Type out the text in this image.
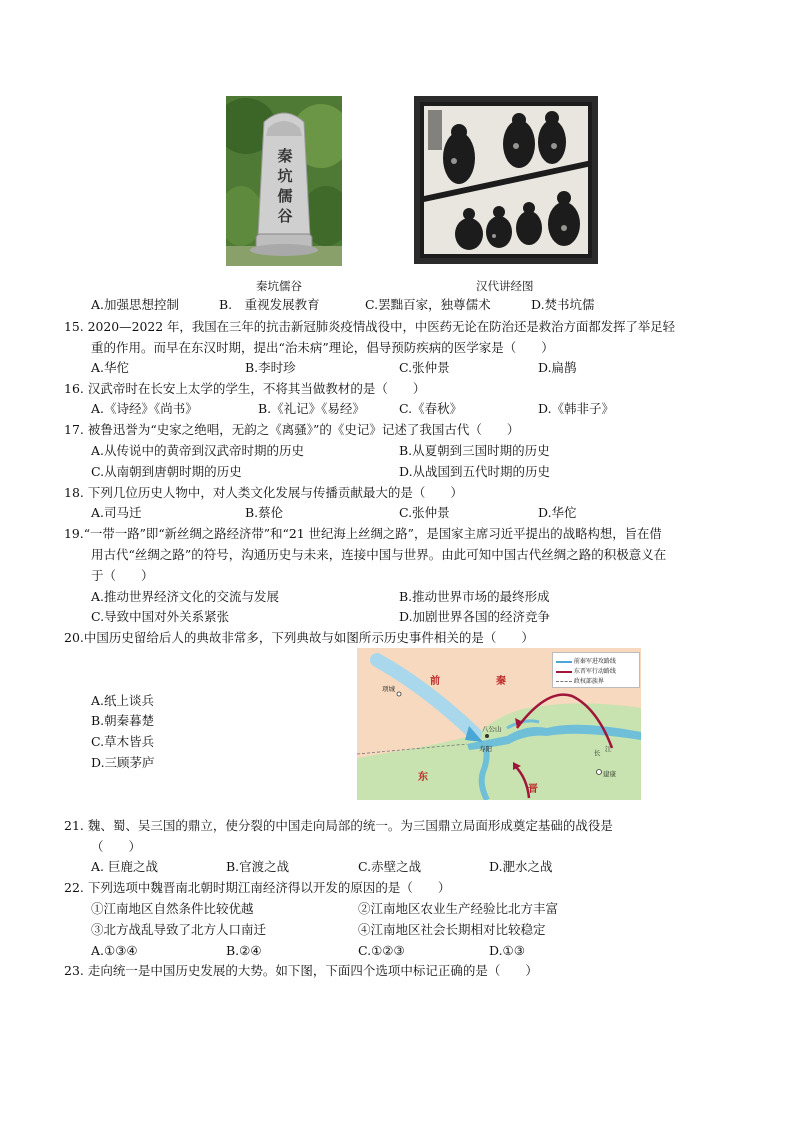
秦坑儒谷
秦坑儒谷	汉代讲经图
A.加强思想控制	B.　重视发展教育	C.罢黜百家，独尊儒术	D.焚书坑儒
15. 2020—2022 年，我国在三年的抗击新冠肺炎疫情战役中，中医药无论在防治还是救治方面都发挥了举足轻
重的作用。而早在东汉时期，提出“治未病”理论，倡导预防疾病的医学家是（　　）
A.华佗	B.李时珍	C.张仲景	D.扁鹊
16. 汉武帝时在长安上太学的学生，不将其当做教材的是（　　）
A.《诗经》《尚书》	B.《礼记》《易经》	C.《春秋》	D.《韩非子》
17. 被鲁迅誉为“史家之绝唱，无韵之《离骚》”的《史记》记述了我国古代（　　）
A.从传说中的黄帝到汉武帝时期的历史	B.从夏朝到三国时期的历史
C.从南朝到唐朝时期的历史	D.从战国到五代时期的历史
18. 下列几位历史人物中，对人类文化发展与传播贡献最大的是（　　）
A.司马迁	B.蔡伦	C.张仲景	D.华佗
19.“一带一路”即“新丝绸之路经济带”和“21 世纪海上丝绸之路”，是国家主席习近平提出的战略构想，旨在借
用古代“丝绸之路”的符号，沟通历史与未来，连接中国与世界。由此可知中国古代丝绸之路的积极意义在
于（　　）
A.推动世界经济文化的交流与发展	B.推动世界市场的最终形成
C.导致中国对外关系紧张	D.加剧世界各国的经济竞争
20.中国历史留给后人的典故非常多，下列典故与如图所示历史事件相关的是（　　）
A.纸上谈兵
B.朝秦暮楚
C.草木皆兵
D.三顾茅庐
前秦军进攻路线
东晋军行动路线
政权部族界
前	秦
东
晋
项城
八公山
寿阳
建康
长 江
21. 魏、蜀、吴三国的鼎立，使分裂的中国走向局部的统一。为三国鼎立局面形成奠定基础的战役是
（　　）
A. 巨鹿之战	B.官渡之战	C.赤壁之战	D.淝水之战
22. 下列选项中魏晋南北朝时期江南经济得以开发的原因的是（　　）
①江南地区自然条件比较优越	②江南地区农业生产经验比北方丰富
③北方战乱导致了北方人口南迁	④江南地区社会长期相对比较稳定
A.①③④	B.②④	C.①②③	D.①③
23. 走向统一是中国历史发展的大势。如下图，下面四个选项中标记正确的是（　　）
